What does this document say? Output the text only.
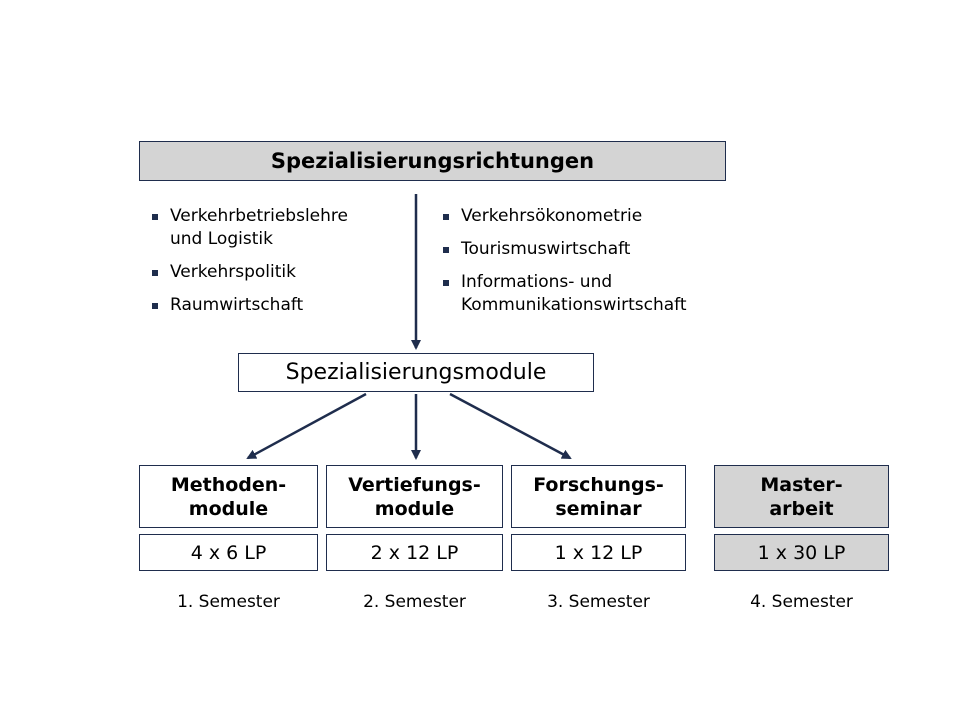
Spezialisierungsrichtungen
Verkehrbetriebslehre
und Logistik
Verkehrspolitik
Raumwirtschaft
Verkehrsökonometrie
Tourismuswirtschaft
Informations- und
Kommunikationswirtschaft
Spezialisierungsmodule
Methoden-
module
Vertiefungs-
module
Forschungs-
seminar
Master-
arbeit
4 x 6 LP	2 x 12 LP	1 x 12 LP	1 x 30 LP
1. Semester	2. Semester	3. Semester	4. Semester
